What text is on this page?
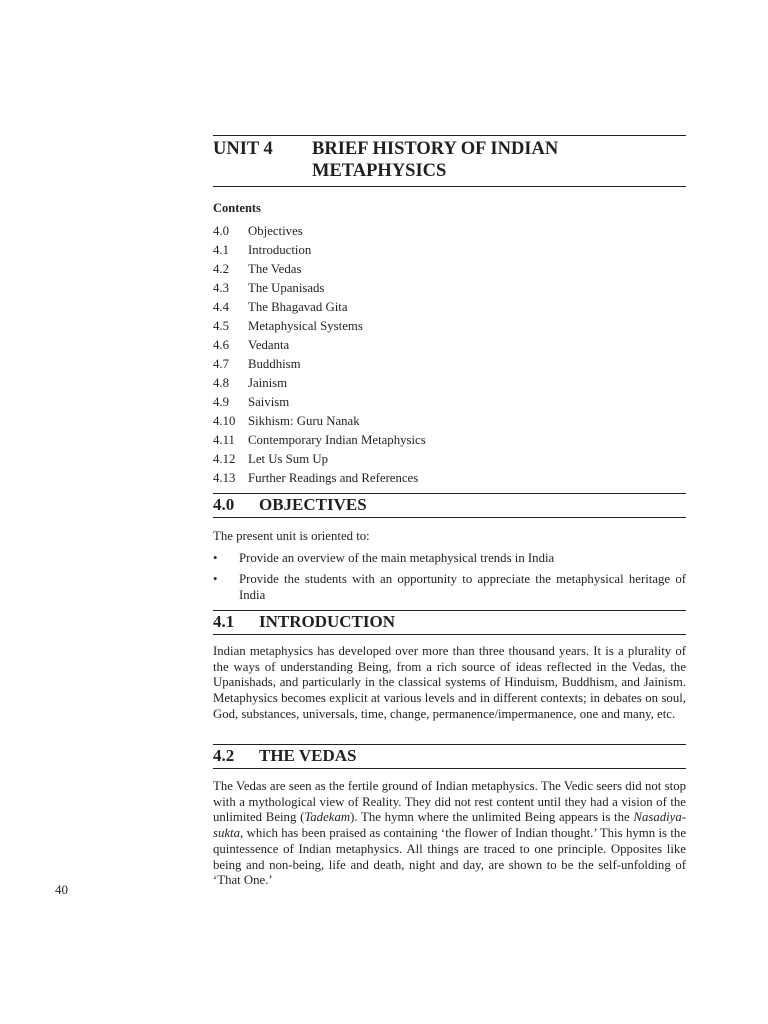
40
UNIT 4	BRIEF HISTORY OF INDIAN
METAPHYSICS
Contents
4.0	Objectives
4.1	Introduction
4.2	The Vedas
4.3	The Upanisads
4.4	The Bhagavad Gita
4.5	Metaphysical Systems
4.6	Vedanta
4.7	Buddhism
4.8	Jainism
4.9	Saivism
4.10 Sikhism: Guru Nanak
4.11	Contemporary Indian Metaphysics
4.12 Let Us Sum Up
4.13 Further Readings and References
4.0	OBJECTIVES
The present unit is oriented to:
• Provide an overview of the main metaphysical trends in India
• Provide the students with an opportunity to appreciate the metaphysical heritage of India
4.1	INTRODUCTION
Indian metaphysics has developed over more than three thousand years. It is a plurality of the ways of understanding Being, from a rich source of ideas reflected in the Vedas, the Upanishads, and particularly in the classical systems of Hinduism, Buddhism, and Jainism. Metaphysics becomes explicit at various levels and in different contexts; in debates on soul, God, substances, universals, time, change, permanence/impermanence, one and many, etc.
4.2	THE VEDAS
The Vedas are seen as the fertile ground of Indian metaphysics. The Vedic seers did not stop with a mythological view of Reality. They did not rest content until they had a vision of the unlimited Being (Tadekam). The hymn where the unlimited Being appears is the Nasadiya-sukta, which has been praised as containing ‘the flower of Indian thought.’ This hymn is the quintessence of Indian metaphysics. All things are traced to one principle. Opposites like being and non-being, life and death, night and day, are shown to be the self-unfolding of ‘That One.’
